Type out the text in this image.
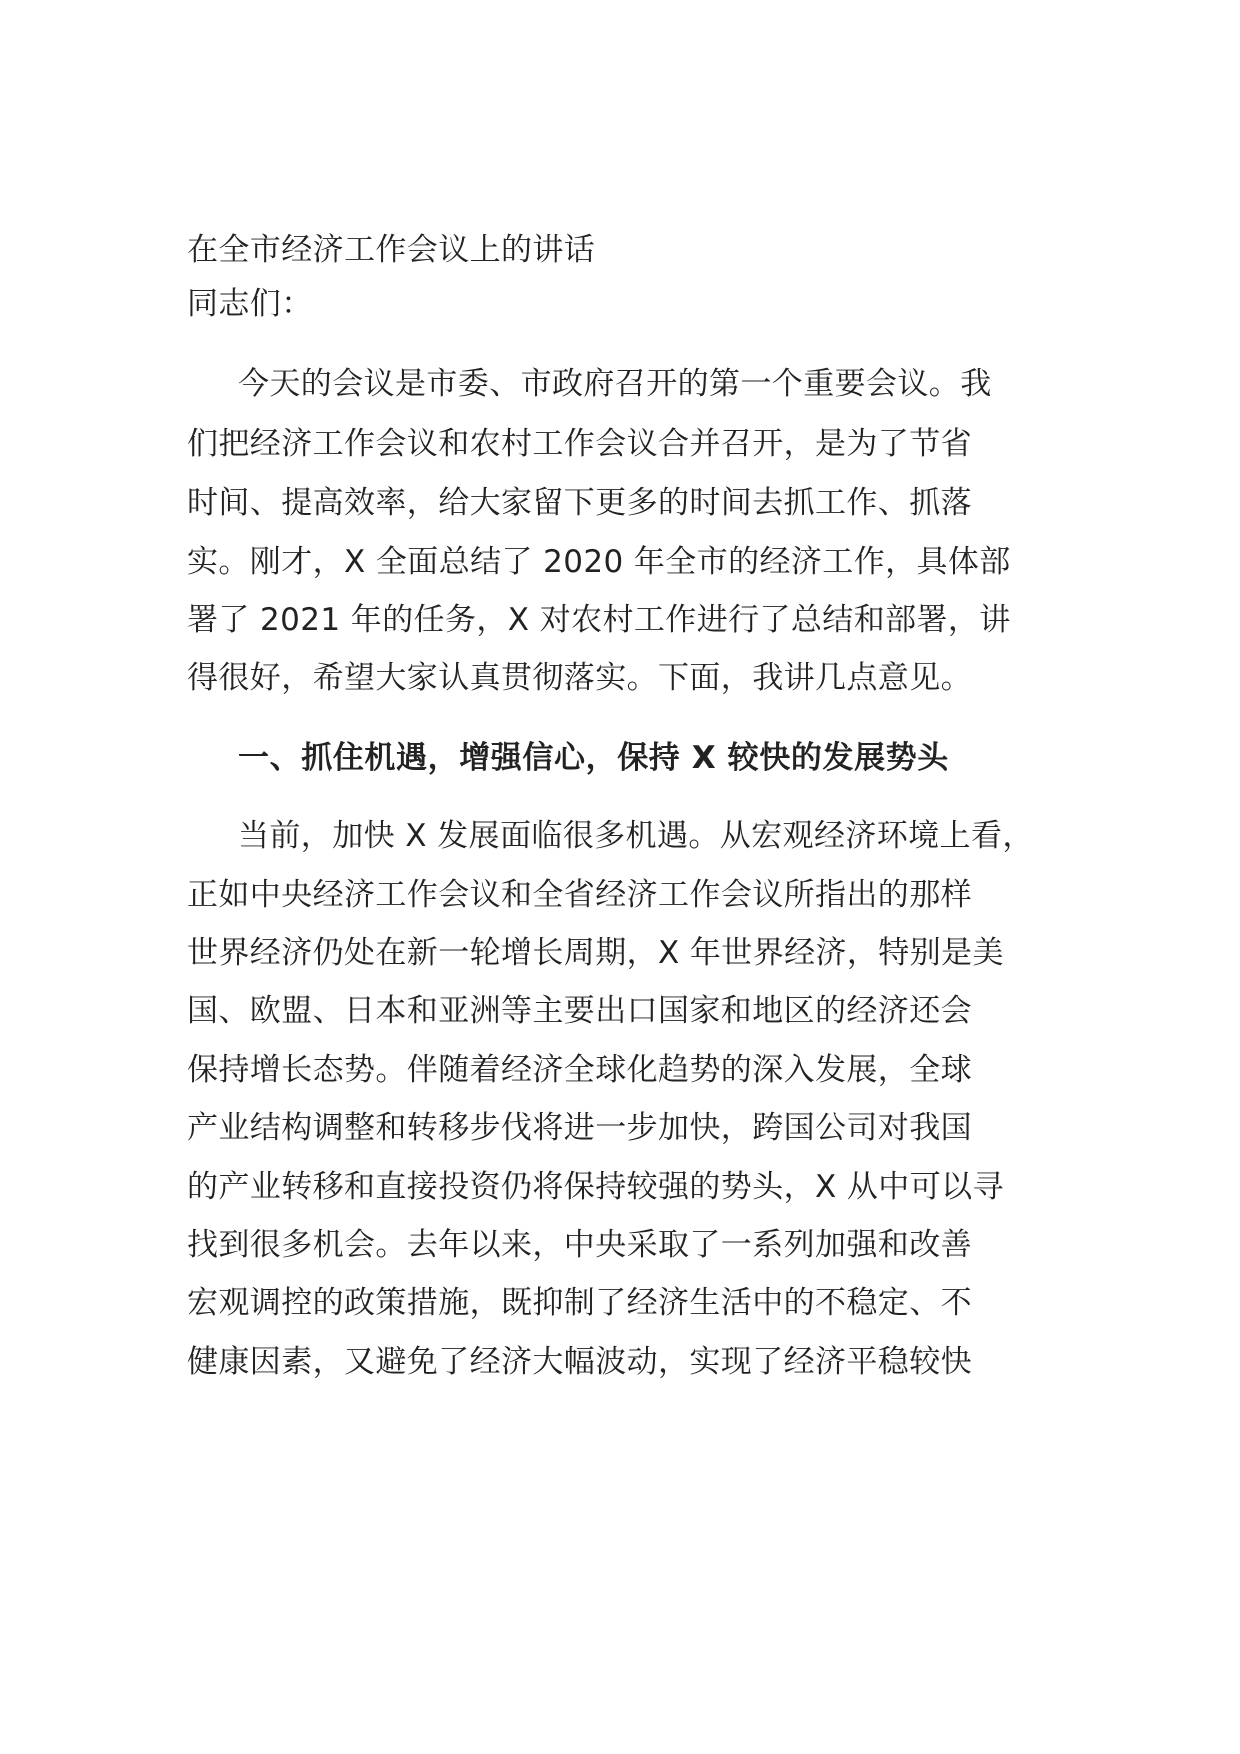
在全市经济工作会议上的讲话
同志们：
今天的会议是市委、市政府召开的第一个重要会议。我
们把经济工作会议和农村工作会议合并召开，是为了节省
时间、提高效率，给大家留下更多的时间去抓工作、抓落
实。刚才，X 全面总结了 2020 年全市的经济工作，具体部
署了 2021 年的任务，X 对农村工作进行了总结和部署，讲
得很好，希望大家认真贯彻落实。下面，我讲几点意见。
一、抓住机遇，增强信心，保持 X 较快的发展势头
当前，加快 X 发展面临很多机遇。从宏观经济环境上看，
正如中央经济工作会议和全省经济工作会议所指出的那样
世界经济仍处在新一轮增长周期，X 年世界经济，特别是美
国、欧盟、日本和亚洲等主要出口国家和地区的经济还会
保持增长态势。伴随着经济全球化趋势的深入发展，全球
产业结构调整和转移步伐将进一步加快，跨国公司对我国
的产业转移和直接投资仍将保持较强的势头，X 从中可以寻
找到很多机会。去年以来，中央采取了一系列加强和改善
宏观调控的政策措施，既抑制了经济生活中的不稳定、不
健康因素，又避免了经济大幅波动，实现了经济平稳较快
